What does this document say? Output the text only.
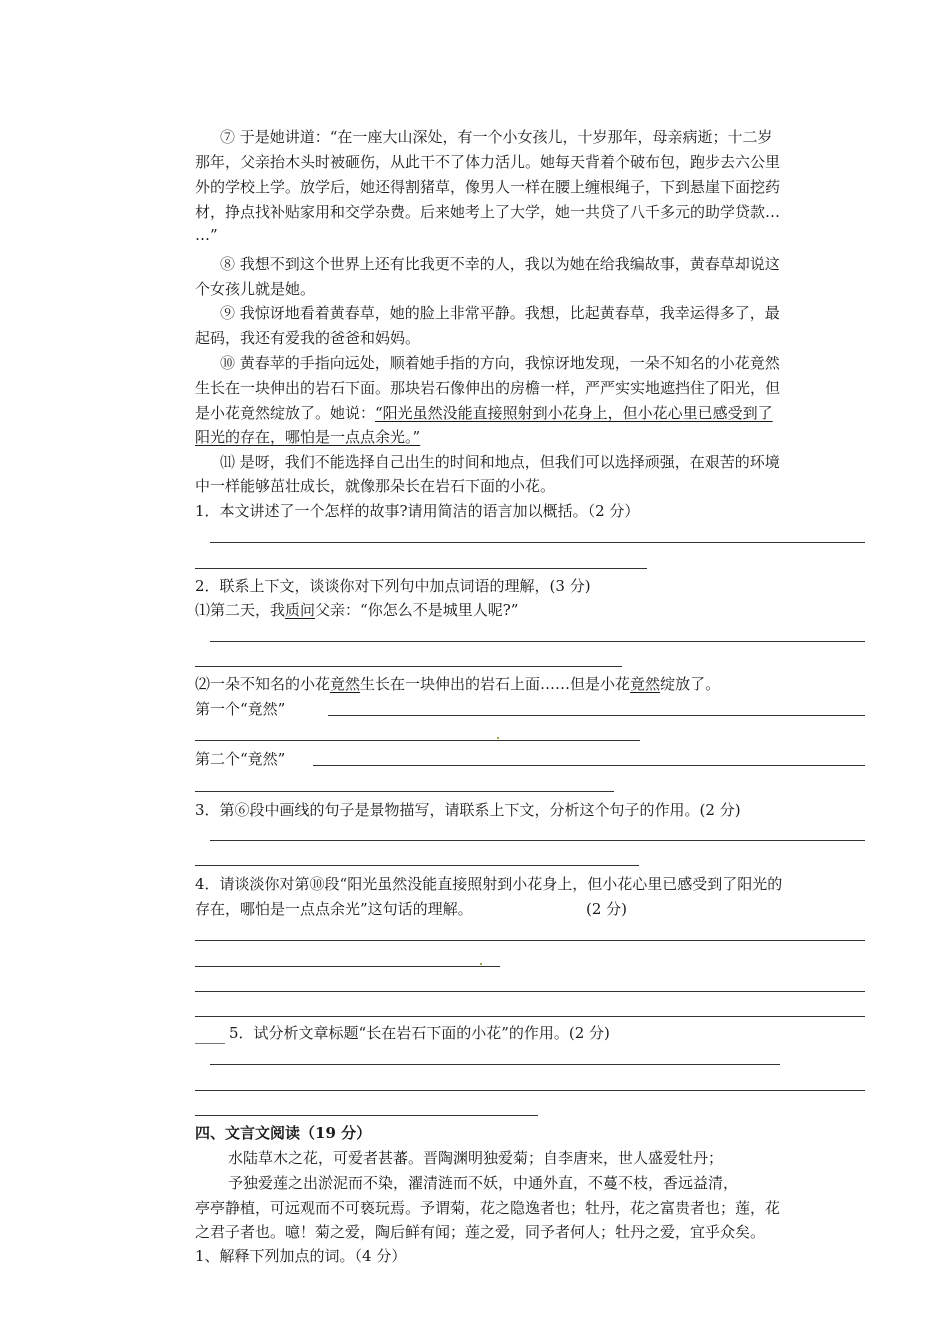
⑦ 于是她讲道：“在一座大山深处，有一个小女孩儿，十岁那年，母亲病逝；十二岁
那年，父亲抬木头时被砸伤，从此干不了体力活儿。她每天背着个破布包，跑步去六公里
外的学校上学。放学后，她还得割猪草，像男人一样在腰上缠根绳子，下到悬崖下面挖药
材，挣点找补贴家用和交学杂费。后来她考上了大学，她一共贷了八千多元的助学贷款…
…”
⑧ 我想不到这个世界上还有比我更不幸的人，我以为她在给我编故事，黄春草却说这
个女孩儿就是她。
⑨ 我惊讶地看着黄春草，她的脸上非常平静。我想，比起黄春草，我幸运得多了，最
起码，我还有爱我的爸爸和妈妈。
⑩ 黄春苹的手指向远处，顺着她手指的方向，我惊讶地发现，一朵不知名的小花竟然
生长在一块伸出的岩石下面。那块岩石像伸出的房檐一样，严严实实地遮挡住了阳光，但
是小花竟然绽放了。她说：“阳光虽然没能直接照射到小花身上，但小花心里已感受到了
阳光的存在，哪怕是一点点余光。”
⑾ 是呀，我们不能选择自己出生的时间和地点，但我们可以选择顽强，在艰苦的环境
中一样能够茁壮成长，就像那朵长在岩石下面的小花。
1．本文讲述了一个怎样的故事?请用简洁的语言加以概括。（2 分）
2．联系上下文，谈谈你对下列句中加点词语的理解，(3 分)
⑴第二天，我质问父亲：“你怎么不是城里人呢?”
⑵一朵不知名的小花竟然生长在一块伸出的岩石上面……但是小花竟然绽放了。
第一个“竟然”
第二个“竟然”
3．第⑥段中画线的句子是景物描写，请联系上下文，分析这个句子的作用。(2 分)
4．请谈淡你对第⑩段“阳光虽然没能直接照射到小花身上，但小花心里已感受到了阳光的
存在，哪怕是一点点余光”这句话的理解。	(2 分)
____ 5．试分析文章标题“长在岩石下面的小花”的作用。(2 分)
四、文言文阅读（19 分）
水陆草木之花，可爱者甚蕃。晋陶渊明独爱菊；自李唐来，世人盛爱牡丹；
予独爱莲之出淤泥而不染，濯清涟而不妖，中通外直，不蔓不枝，香远益清，
亭亭静植，可远观而不可亵玩焉。予谓菊，花之隐逸者也；牡丹，花之富贵者也；莲，花
之君子者也。噫！菊之爱，陶后鲜有闻；莲之爱，同予者何人；牡丹之爱，宜乎众矣。
1、解释下列加点的词。（4 分）
